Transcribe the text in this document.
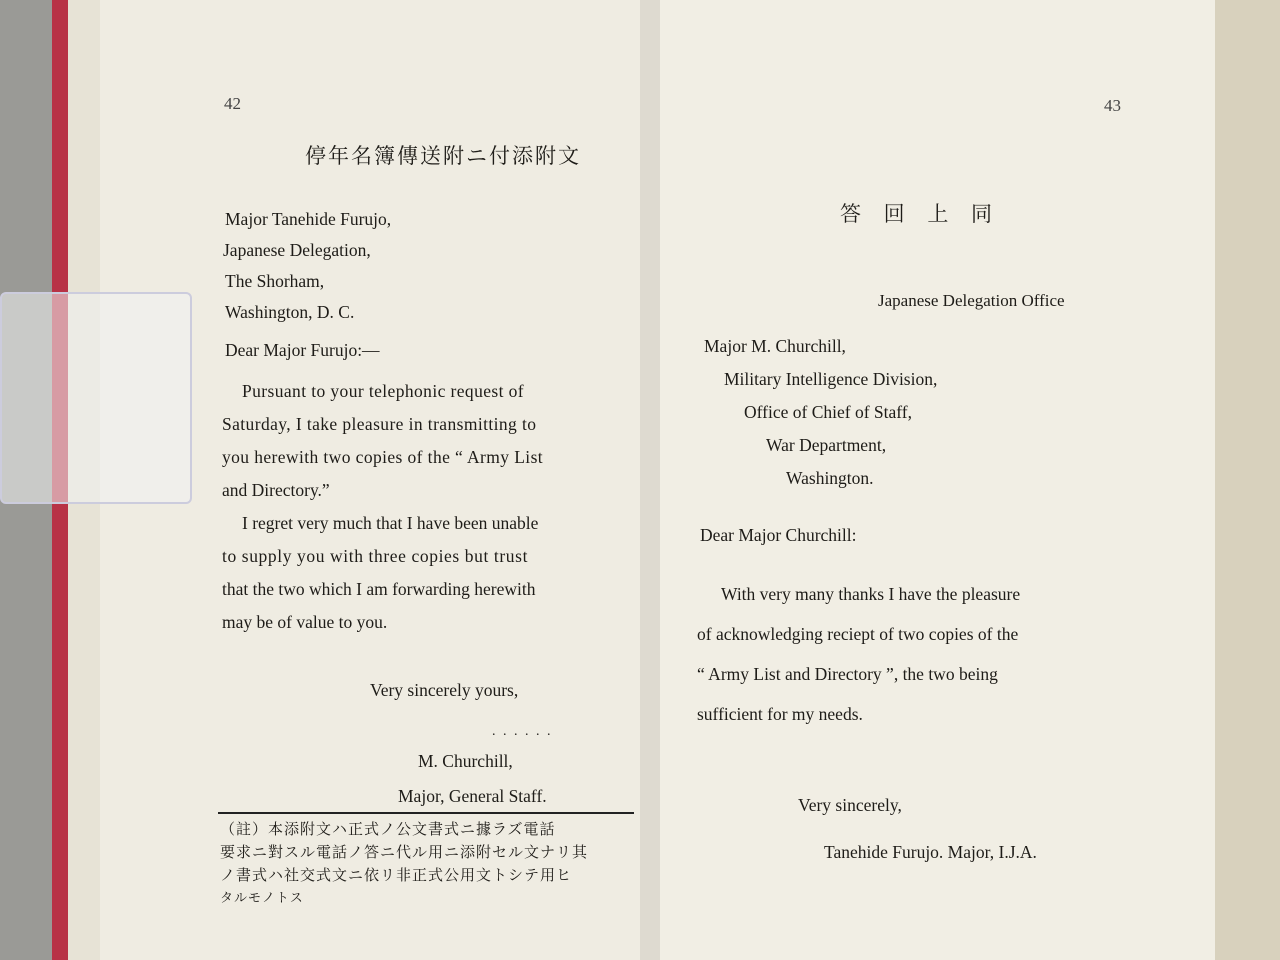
42
停年名簿傳送附ニ付添附文
Major Tanehide Furujo,
Japanese Delegation,
The Shorham,
Washington, D. C.
Dear Major Furujo:—
Pursuant to your telephonic request of
Saturday, I take pleasure in transmitting to
you herewith two copies of the “ Army List
and Directory.”
I regret very much that I have been unable
to supply you with three copies but trust
that the two which I am forwarding herewith
may be of value to you.
Very sincerely yours,
. . . . . .
M. Churchill,
Major, General Staff.
（註）本添附文ハ正式ノ公文書式ニ據ラズ電話
要求ニ對スル電話ノ答ニ代ル用ニ添附セル文ナリ其
ノ書式ハ社交式文ニ依リ非正式公用文トシテ用ヒ
タルモノトス
43
答 回 上 同
Japanese Delegation Office
Major M. Churchill,
Military Intelligence Division,
Office of Chief of Staff,
War Department,
Washington.
Dear Major Churchill:
With very many thanks I have the pleasure
of acknowledging reciept of two copies of the
“ Army List and Directory ”, the two being
sufficient for my needs.
Very sincerely,
Tanehide Furujo. Major, I.J.A.
